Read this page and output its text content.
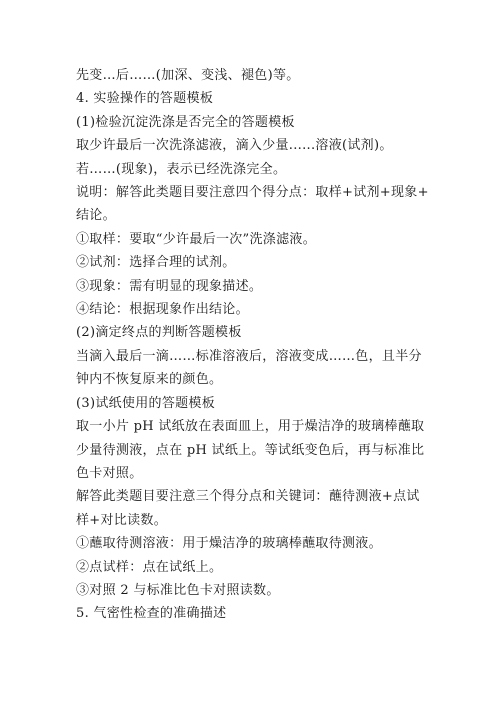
先变…后……(加深、变浅、褪色)等。
4. 实验操作的答题模板
(1)检验沉淀洗涤是否完全的答题模板
取少许最后一次洗涤滤液，滴入少量......溶液(试剂)。
若……(现象)，表示已经洗涤完全。
说明：解答此类题目要注意四个得分点：取样+试剂+现象+
结论。
①取样：要取“少许最后一次”洗涤滤液。
②试剂：选择合理的试剂。
③现象：需有明显的现象描述。
④结论：根据现象作出结论。
(2)滴定终点的判断答题模板
当滴入最后一滴……标准溶液后，溶液变成……色，且半分
钟内不恢复原来的颜色。
(3)试纸使用的答题模板
取一小片 pH 试纸放在表面皿上，用于燥洁净的玻璃棒蘸取
少量待测液，点在 pH 试纸上。等试纸变色后，再与标准比
色卡对照。
解答此类题目要注意三个得分点和关键词：蘸待测液+点试
样+对比读数。
①蘸取待测溶液：用于燥洁净的玻璃棒蘸取待测液。
②点试样：点在试纸上。
③对照 2 与标准比色卡对照读数。
5. 气密性检查的准确描述
